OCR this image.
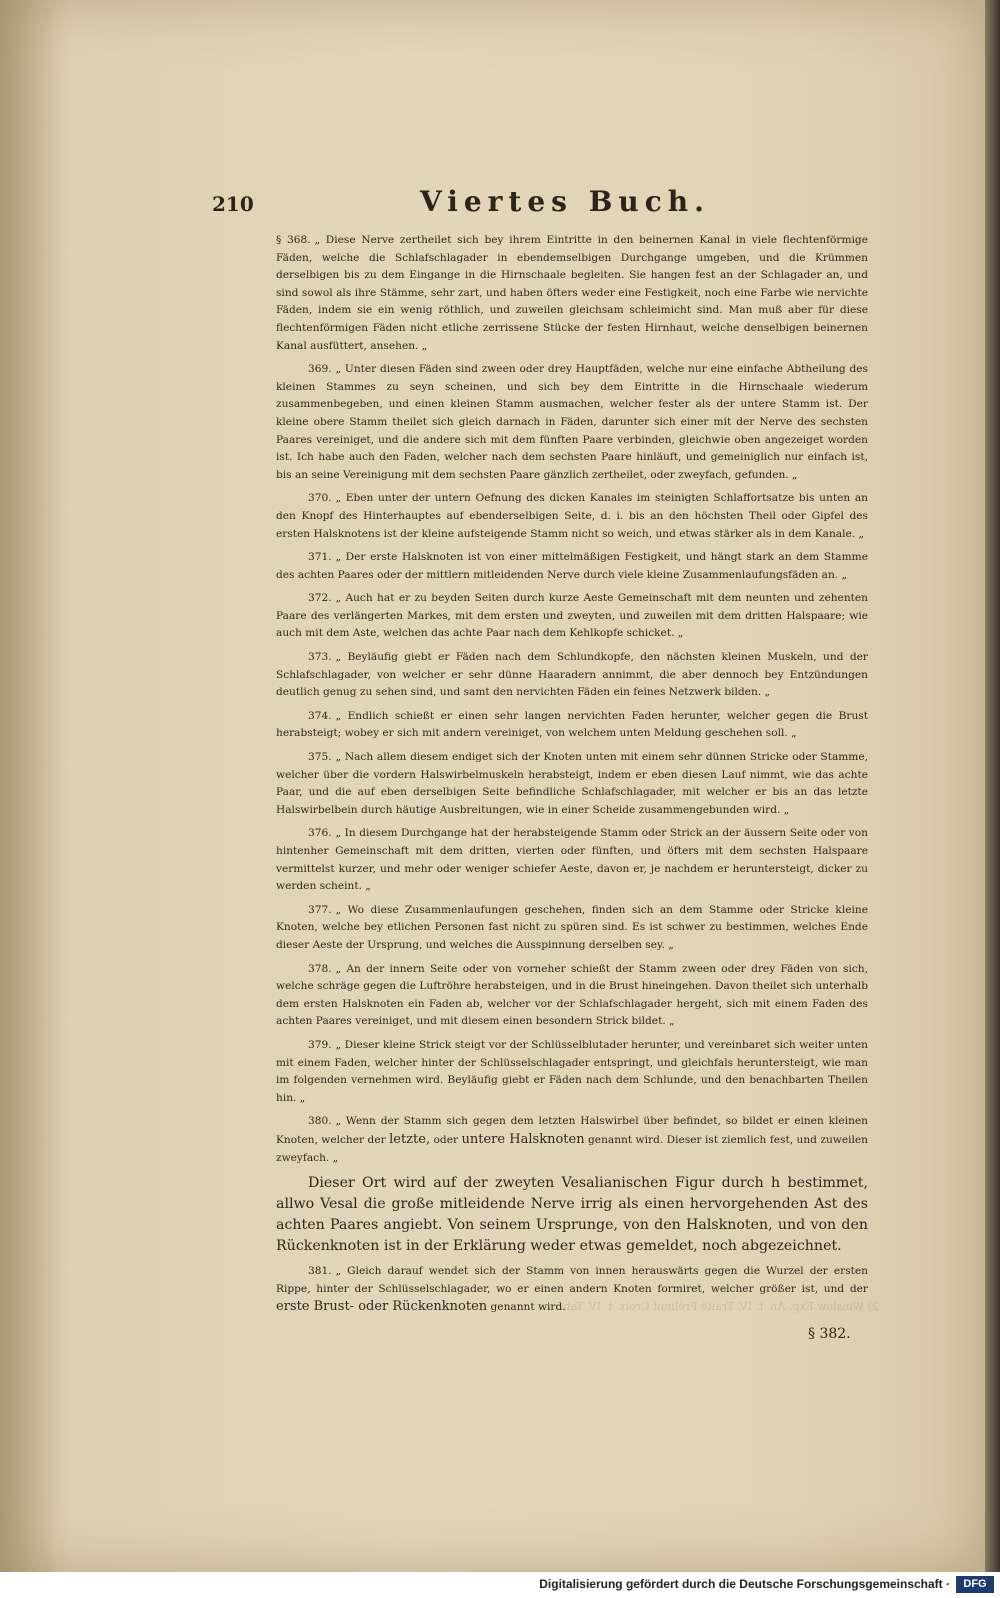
210	Viertes Buch.
2) Winslow Exp. An. t. IV. Traité Prélimit Croix. t. IV. Tab.

§ 368. „ Diese Nerve zertheilet sich bey ihrem Eintritte in den beinernen Kanal in viele flechtenförmige Fäden, welche die Schlafschlagader in ebendemselbigen Durchgange umgeben, und die Krümmen derselbigen bis zu dem Eingange in die Hirnschaale begleiten. Sie hangen fest an der Schlagader an, und sind sowol als ihre Stämme, sehr zart, und haben öfters weder eine Festigkeit, noch eine Farbe wie nervichte Fäden, indem sie ein wenig röthlich, und zuweilen gleichsam schleimicht sind. Man muß aber für diese flechtenförmigen Fäden nicht etliche zerrissene Stücke der festen Hirnhaut, welche denselbigen beinernen Kanal ausfüttert, ansehen. „

369. „ Unter diesen Fäden sind zween oder drey Hauptfäden, welche nur eine einfache Abtheilung des kleinen Stammes zu seyn scheinen, und sich bey dem Eintritte in die Hirnschaale wiederum zusammenbegeben, und einen kleinen Stamm ausmachen, welcher fester als der untere Stamm ist. Der kleine obere Stamm theilet sich gleich darnach in Fäden, darunter sich einer mit der Nerve des sechsten Paares vereiniget, und die andere sich mit dem fünften Paare verbinden, gleichwie oben angezeiget worden ist. Ich habe auch den Faden, welcher nach dem sechsten Paare hinläuft, und gemeiniglich nur einfach ist, bis an seine Vereinigung mit dem sechsten Paare gänzlich zertheilet, oder zweyfach, gefunden. „

370. „ Eben unter der untern Oefnung des dicken Kanales im steinigten Schlaffortsatze bis unten an den Knopf des Hinterhauptes auf ebenderselbigen Seite, d. i. bis an den höchsten Theil oder Gipfel des ersten Halsknotens ist der kleine aufsteigende Stamm nicht so weich, und etwas stärker als in dem Kanale. „

371. „ Der erste Halsknoten ist von einer mittelmäßigen Festigkeit, und hängt stark an dem Stamme des achten Paares oder der mittlern mitleidenden Nerve durch viele kleine Zusammenlaufungsfäden an. „

372. „ Auch hat er zu beyden Seiten durch kurze Aeste Gemeinschaft mit dem neunten und zehenten Paare des verlängerten Markes, mit dem ersten und zweyten, und zuweilen mit dem dritten Halspaare; wie auch mit dem Aste, welchen das achte Paar nach dem Kehlkopfe schicket. „

373. „ Beyläufig giebt er Fäden nach dem Schlundkopfe, den nächsten kleinen Muskeln, und der Schlafschlagader, von welcher er sehr dünne Haaradern annimmt, die aber dennoch bey Entzündungen deutlich genug zu sehen sind, und samt den nervichten Fäden ein feines Netzwerk bilden. „

374. „ Endlich schießt er einen sehr langen nervichten Faden herunter, welcher gegen die Brust herabsteigt; wobey er sich mit andern vereiniget, von welchem unten Meldung geschehen soll. „

375. „ Nach allem diesem endiget sich der Knoten unten mit einem sehr dünnen Stricke oder Stamme, welcher über die vordern Halswirbelmuskeln herabsteigt, indem er eben diesen Lauf nimmt, wie das achte Paar, und die auf eben derselbigen Seite befindliche Schlafschlagader, mit welcher er bis an das letzte Halswirbelbein durch häutige Ausbreitungen, wie in einer Scheide zusammengebunden wird. „

376. „ In diesem Durchgange hat der herabsteigende Stamm oder Strick an der äussern Seite oder von hintenher Gemeinschaft mit dem dritten, vierten oder fünften, und öfters mit dem sechsten Halspaare vermittelst kurzer, und mehr oder weniger schiefer Aeste, davon er, je nachdem er heruntersteigt, dicker zu werden scheint. „

377. „ Wo diese Zusammenlaufungen geschehen, finden sich an dem Stamme oder Stricke kleine Knoten, welche bey etlichen Personen fast nicht zu spüren sind. Es ist schwer zu bestimmen, welches Ende dieser Aeste der Ursprung, und welches die Ausspinnung derselben sey. „

378. „ An der innern Seite oder von vorneher schießt der Stamm zween oder drey Fäden von sich, welche schräge gegen die Luftröhre herabsteigen, und in die Brust hineingehen. Davon theilet sich unterhalb dem ersten Halsknoten ein Faden ab, welcher vor der Schlafschlagader hergeht, sich mit einem Faden des achten Paares vereiniget, und mit diesem einen besondern Strick bildet. „

379. „ Dieser kleine Strick steigt vor der Schlüsselblutader herunter, und vereinbaret sich weiter unten mit einem Faden, welcher hinter der Schlüsselschlagader entspringt, und gleichfals heruntersteigt, wie man im folgenden vernehmen wird. Beyläufig giebt er Fäden nach dem Schlunde, und den benachbarten Theilen hin. „

380. „ Wenn der Stamm sich gegen dem letzten Halswirbel über befindet, so bildet er einen kleinen Knoten, welcher der letzte, oder untere Halsknoten genannt wird. Dieser ist ziemlich fest, und zuweilen zweyfach. „

Dieser Ort wird auf der zweyten Vesalianischen Figur durch h bestimmet, allwo Vesal die große mitleidende Nerve irrig als einen hervorgehenden Ast des achten Paares angiebt. Von seinem Ursprunge, von den Halsknoten, und von den Rückenknoten ist in der Erklärung weder etwas gemeldet, noch abgezeichnet.

381. „ Gleich darauf wendet sich der Stamm von innen herauswärts gegen die Wurzel der ersten Rippe, hinter der Schlüsselschlagader, wo er einen andern Knoten formiret, welcher größer ist, und der erste Brust- oder Rückenknoten genannt wird.

§ 382.
Digitalisierung gefördert durch die Deutsche Forschungsgemeinschaft ·	DFG
